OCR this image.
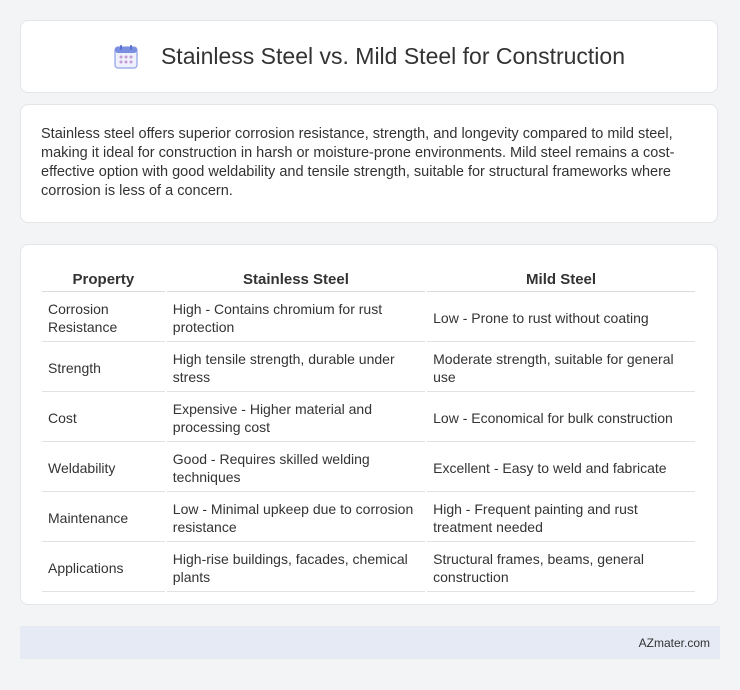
Stainless Steel vs. Mild Steel for Construction

Stainless steel offers superior corrosion resistance, strength, and longevity compared to mild steel, making it ideal for construction in harsh or moisture-prone environments. Mild steel remains a cost-effective option with good weldability and tensile strength, suitable for structural frameworks where corrosion is less of a concern.

Property	Stainless Steel	Mild Steel
Corrosion Resistance	High - Contains chromium for rust protection	Low - Prone to rust without coating
Strength	High tensile strength, durable under stress	Moderate strength, suitable for general use
Cost	Expensive - Higher material and processing cost	Low - Economical for bulk construction
Weldability	Good - Requires skilled welding techniques	Excellent - Easy to weld and fabricate
Maintenance	Low - Minimal upkeep due to corrosion resistance	High - Frequent painting and rust treatment needed
Applications	High-rise buildings, facades, chemical plants	Structural frames, beams, general construction
AZmater.com
